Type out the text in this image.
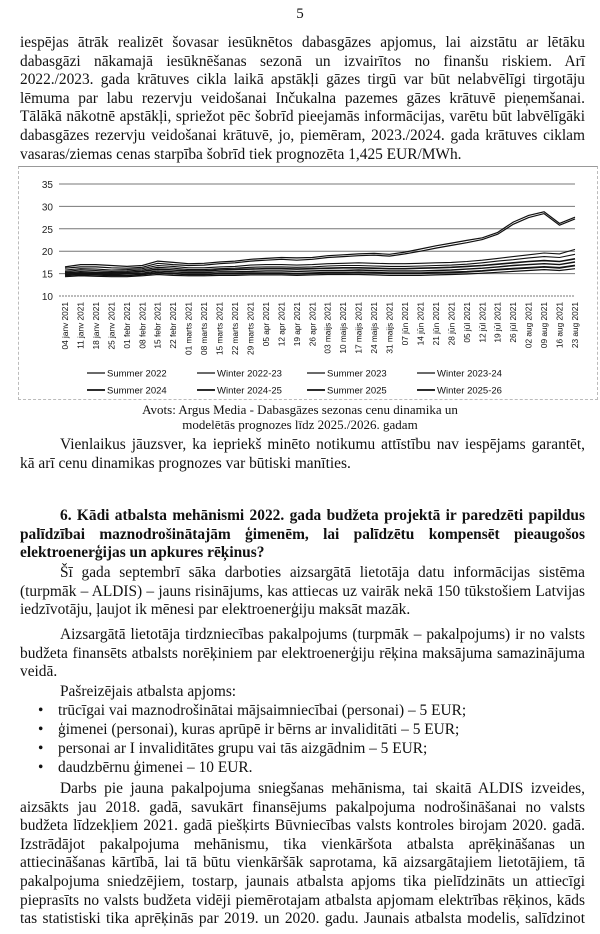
5
iespējas ātrāk realizēt šovasar iesūknētos dabasgāzes apjomus, lai aizstātu ar lētāku
dabasgāzi nākamajā iesūknēšanas sezonā un izvairītos no finanšu riskiem. Arī
2022./2023. gada krātuves cikla laikā apstākļi gāzes tirgū var būt nelabvēlīgi tirgotāju
lēmuma par labu rezervju veidošanai Inčukalna pazemes gāzes krātuvē pieņemšanai.
Tālākā nākotnē apstākļi, spriežot pēc šobrīd pieejamās informācijas, varētu būt labvēlīgāki
dabasgāzes rezervju veidošanai krātuvē, jo, piemēram, 2023./2024. gada krātuves ciklam
vasaras/ziemas cenas starpība šobrīd tiek prognozēta 1,425 EUR/MWh.
10
15
20
25
30
35
04 janv 2021 11 janv 2021 18 janv 2021 25 janv 2021 01 febr 2021 08 febr 2021 15 febr 2021 22 febr 2021 01 marts 2021 08 marts 2021 15 marts 2021 22 marts 2021 29 marts 2021 05 apr 2021 12 apr 2021 19 apr 2021 26 apr 2021 03 maijs 2021 10 maijs 2021 17 maijs 2021 24 maijs 2021 31 maijs 2021 07 jūn 2021 14 jūn 2021 21 jūn 2021 28 jūn 2021 05 jūl 2021 12 jūl 2021 19 jūl 2021 26 jūl 2021 02 aug 2021 09 aug 2021 16 aug 2021 23 aug 2021
Summer 2022	Winter 2022-23	Summer 2023	Winter 2023-24
Summer 2024	Winter 2024-25	Summer 2025	Winter 2025-26
Avots: Argus Media - Dabasgāzes sezonas cenu dinamika un
modelētās prognozes līdz 2025./2026. gadam
Vienlaikus jāuzsver, ka iepriekš minēto notikumu attīstību nav iespējams garantēt,
kā arī cenu dinamikas prognozes var būtiski manīties.
6. Kādi atbalsta mehānismi 2022. gada budžeta projektā ir paredzēti papildus
palīdzībai maznodrošinātajām ģimenēm, lai palīdzētu kompensēt pieaugošos
elektroenerģijas un apkures rēķinus?
Šī gada septembrī sāka darboties aizsargātā lietotāja datu informācijas sistēma
(turpmāk – ALDIS) – jauns risinājums, kas attiecas uz vairāk nekā 150 tūkstošiem Latvijas
iedzīvotāju, ļaujot ik mēnesi par elektroenerģiju maksāt mazāk.
Aizsargātā lietotāja tirdzniecības pakalpojums (turpmāk – pakalpojums) ir no valsts
budžeta finansēts atbalsts norēķiniem par elektroenerģiju rēķina maksājuma samazinājuma
veidā.
Pašreizējais atbalsta apjoms:
• trūcīgai vai maznodrošinātai mājsaimniecībai (personai) – 5 EUR;
• ģimenei (personai), kuras aprūpē ir bērns ar invaliditāti – 5 EUR;
• personai ar I invaliditātes grupu vai tās aizgādnim – 5 EUR;
• daudzbērnu ģimenei – 10 EUR.
Darbs pie jauna pakalpojuma sniegšanas mehānisma, tai skaitā ALDIS izveides,
aizsākts jau 2018. gadā, savukārt finansējums pakalpojuma nodrošināšanai no valsts
budžeta līdzekļiem 2021. gadā piešķirts Būvniecības valsts kontroles birojam 2020. gadā.
Izstrādājot pakalpojuma mehānismu, tika vienkāršota atbalsta aprēķināšanas un
attiecināšanas kārtībā, lai tā būtu vienkāršāk saprotama, kā aizsargātajiem lietotājiem, tā
pakalpojuma sniedzējiem, tostarp, jaunais atbalsta apjoms tika pielīdzināts un attiecīgi
pieprasīts no valsts budžeta vidēji piemērotajam atbalsta apjomam elektrības rēķinos, kāds
tas statistiski tika aprēķinās par 2019. un 2020. gadu. Jaunais atbalsta modelis, salīdzinot
